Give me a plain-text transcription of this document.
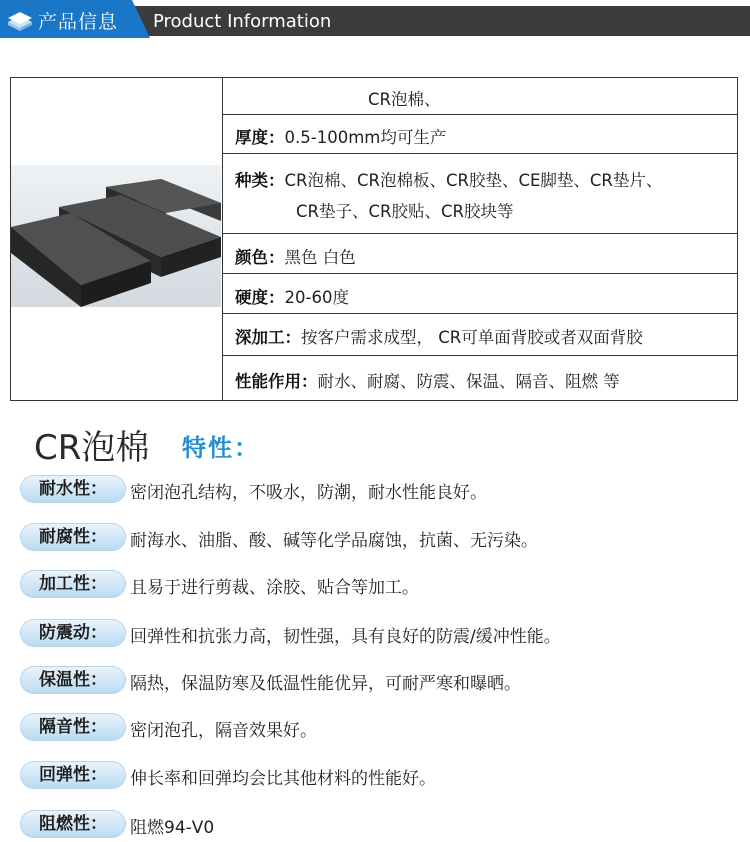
产品信息 Product Information
CR泡棉、
厚度：0.5-100mm均可生产
种类：CR泡棉、CR泡棉板、CR胶垫、CE脚垫、CR垫片、
CR垫子、CR胶贴、CR胶块等
颜色：黑色 白色
硬度：20-60度
深加工：按客户需求成型， CR可单面背胶或者双面背胶
性能作用：耐水、耐腐、防震、保温、隔音、阻燃 等
CR泡棉 特性：
耐水性：	密闭泡孔结构，不吸水，防潮，耐水性能良好。
耐腐性：	耐海水、油脂、酸、碱等化学品腐蚀，抗菌、无污染。
加工性：	且易于进行剪裁、涂胶、贴合等加工。
防震动：	回弹性和抗张力高，韧性强，具有良好的防震/缓冲性能。
保温性：	隔热，保温防寒及低温性能优异，可耐严寒和曝晒。
隔音性：	密闭泡孔，隔音效果好。
回弹性：	伸长率和回弹均会比其他材料的性能好。
阻燃性：	阻燃94-V0
